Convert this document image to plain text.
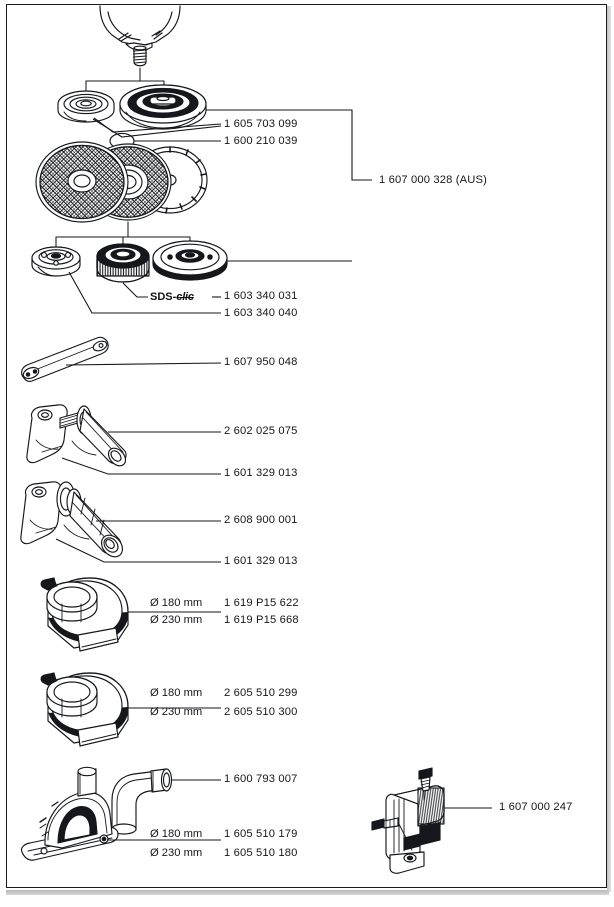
1 605 703 099
1 600 210 039
1 607 000 328 (AUS)
SDS-clic	1 603 340 031
1 603 340 040
1 607 950 048
2 602 025 075
1 601 329 013
2 608 900 001
1 601 329 013
Ø 180 mm
Ø 230 mm
1 619 P15 622
1 619 P15 668
Ø 180 mm
Ø 230 mm
2 605 510 299
2 605 510 300
1 600 793 007
Ø 180 mm
Ø 230 mm
1 605 510 179
1 605 510 180
1 607 000 247
